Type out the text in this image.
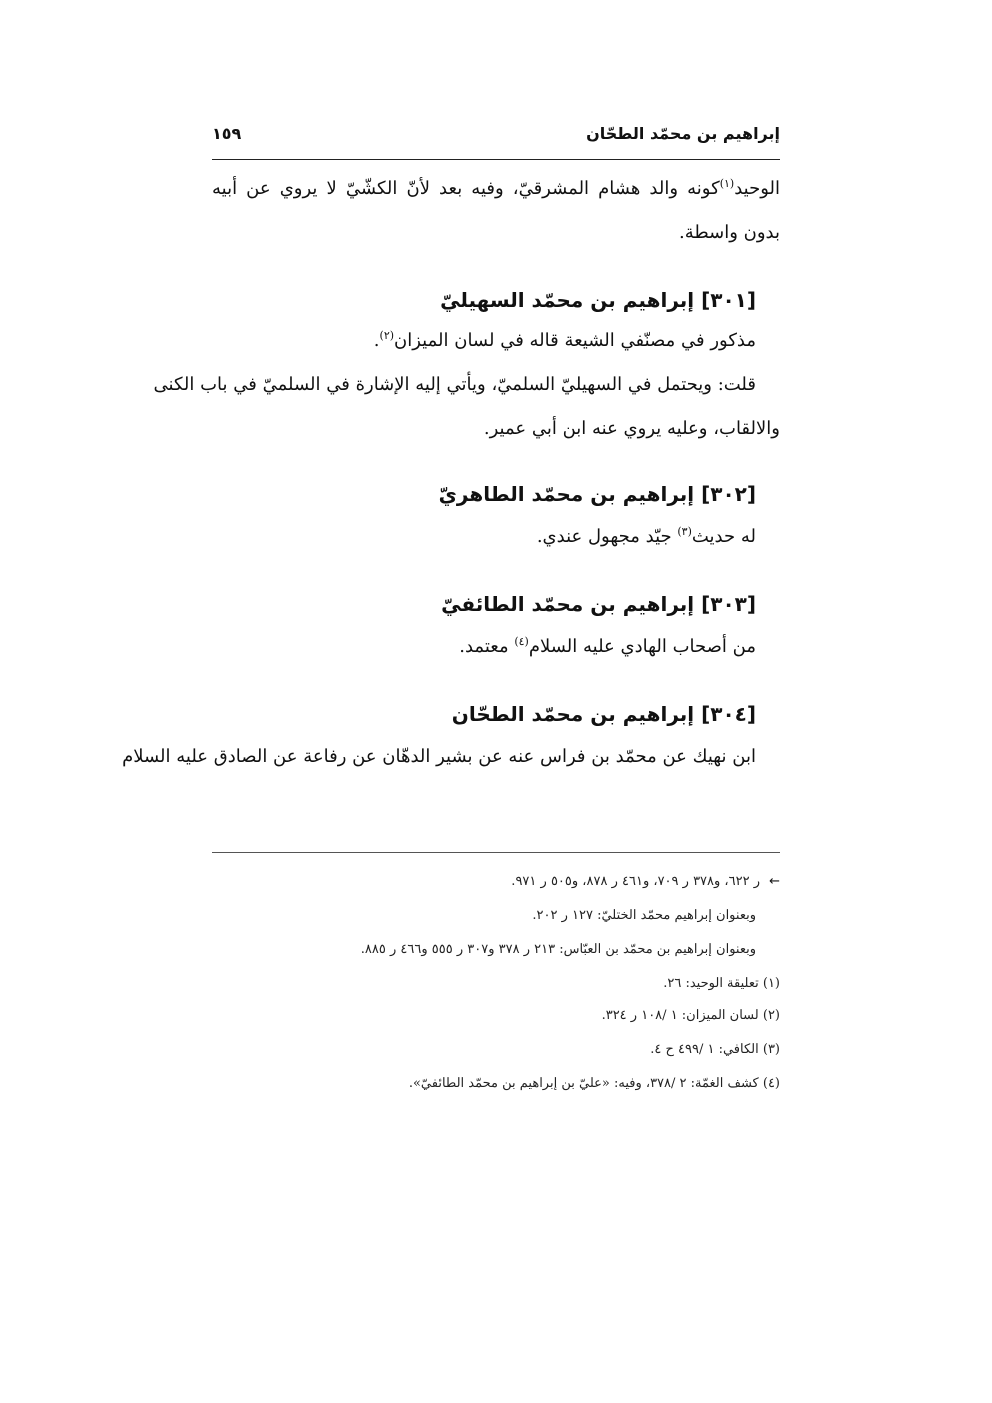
إبراهيم بن محمّد الطحّان
١٥٩
الوحيد$^{(١)}$كونه والد هشام المشرقيّ، وفيه بعد لأنّ الكشّيّ لا يروي عن أبيه
بدون واسطة.
[٣٠١] إبراهيم بن محمّد السهيليّ
مذكور في مصنّفي الشيعة قاله في لسان الميزان$^{(٢)}$.
قلت: ويحتمل في السهيليّ السلميّ، ويأتي إليه الإشارة في السلميّ في باب الكنى
والالقاب، وعليه يروي عنه ابن أبي عمير.
[٣٠٢] إبراهيم بن محمّد الطاهريّ
له حديث$^{(٣)}$ جيّد مجهول عندي.
[٣٠٣] إبراهيم بن محمّد الطائفيّ
من أصحاب الهادي عليه السلام$^{(٤)}$ معتمد.
[٣٠٤] إبراهيم بن محمّد الطحّان
ابن نهيك عن محمّد بن فراس عنه عن بشير الدهّان عن رفاعة عن الصادق عليه السلام
ر ٦٢٢، و٣٧٨ ر ٧٠٩، و٤٦١ ر ٨٧٨، و٥٠٥ ر ٩٧١. ←
وبعنوان إبراهيم محمّد الختليّ: ١٢٧ ر ٢٠٢.
وبعنوان إبراهيم بن محمّد بن العبّاس: ٢١٣ ر ٣٧٨ و٣٠٧ ر ٥٥٥ و٤٦٦ ر ٨٨٥.
(١) تعليقة الوحيد: ٢٦.
(٢) لسان الميزان: ١ /١٠٨ ر ٣٢٤.
(٣) الكافي: ١ /٤٩٩ ح ٤.
(٤) كشف الغمّة: ٢ /٣٧٨، وفيه: «عليّ بن إبراهيم بن محمّد الطائفيّ».
